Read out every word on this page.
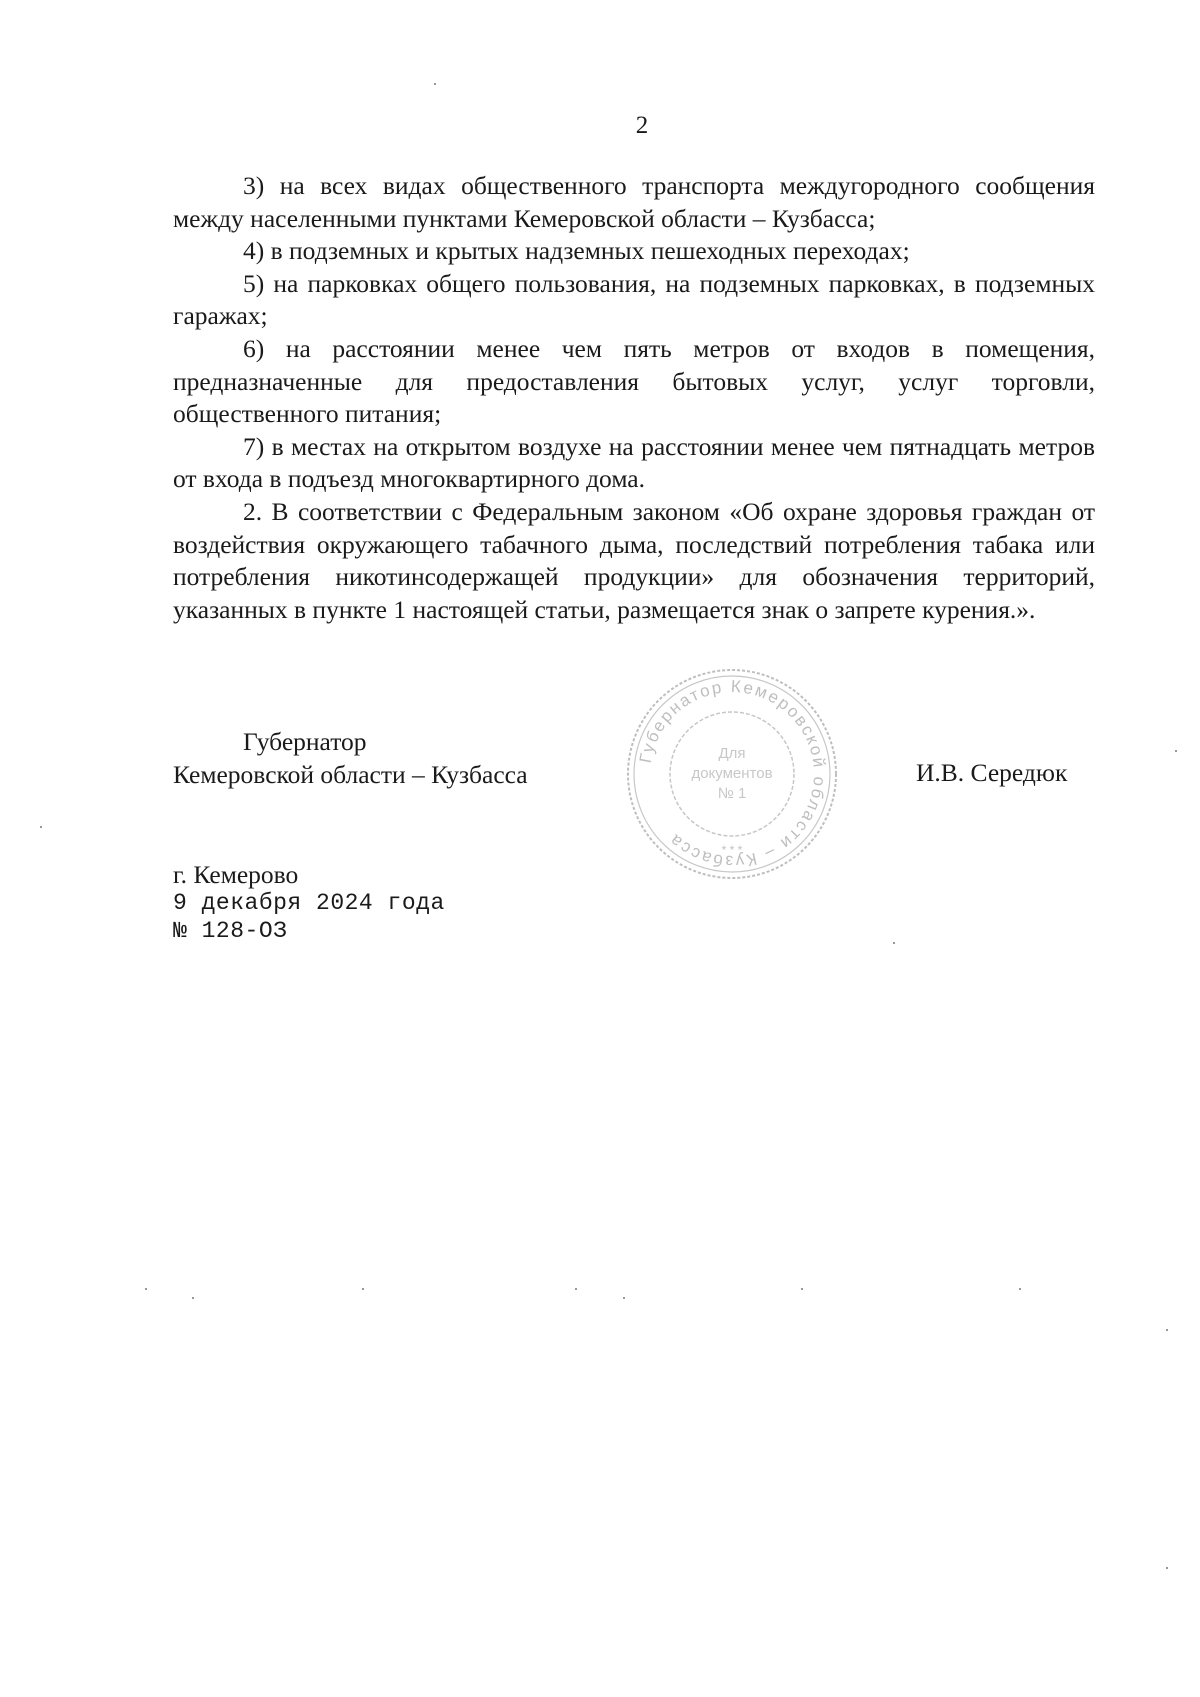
2

3) на всех видах общественного транспорта междугородного сообщения между населенными пунктами Кемеровской области – Кузбасса;

4) в подземных и крытых надземных пешеходных переходах;

5) на парковках общего пользования, на подземных парковках, в подземных гаражах;

6) на расстоянии менее чем пять метров от входов в помещения, предназначенные для предоставления бытовых услуг, услуг торговли, общественного питания;

7) в местах на открытом воздухе на расстоянии менее чем пятнадцать метров от входа в подъезд многоквартирного дома.

2. В соответствии с Федеральным законом «Об охране здоровья граждан от воздействия окружающего табачного дыма, последствий потребления табака или потребления никотинсодержащей продукции» для обозначения территорий, указанных в пункте 1 настоящей статьи, размещается знак о запрете курения.».

Губернатор Кемеровской области – Кузбасса
Для
документов
№ 1
* * *
Губернатор
Кемеровской области – Кузбасса	И.В. Середюк
г. Кемерово
9 декабря 2024 года
№ 128-ОЗ
